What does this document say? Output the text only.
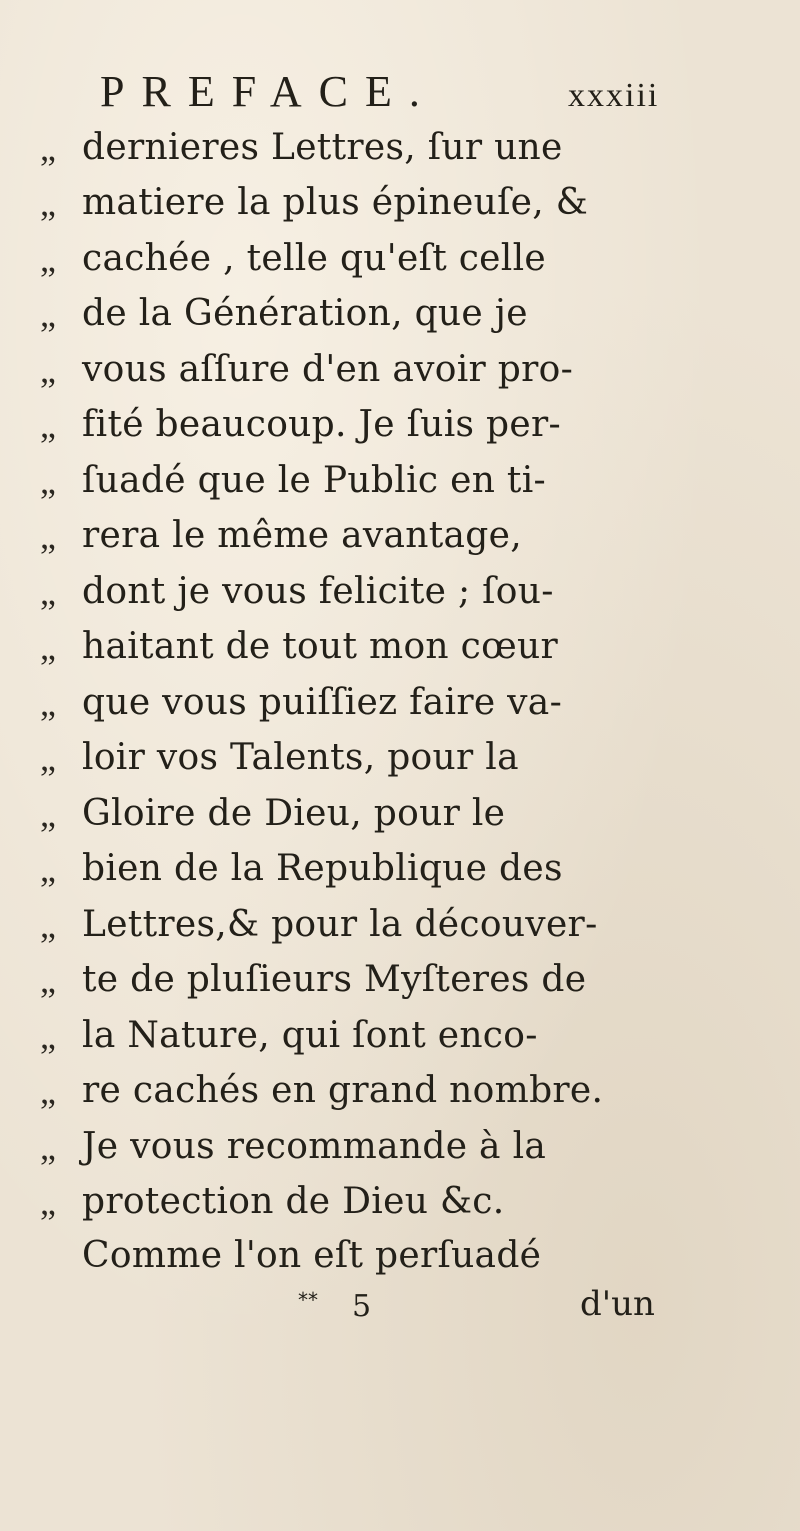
PREFACE.	xxxiii
„ dernieres Lettres, ſur une
„ matiere la plus épineuſe, &
„ cachée , telle qu'eſt celle
„ de la Génération, que je
„ vous aſſure d'en avoir pro-
„ fité beaucoup. Je ſuis per-
„ ſuadé que le Public en ti-
„ rera le même avantage,
„ dont je vous felicite ; ſou-
„ haitant de tout mon cœur
„ que vous puiſſiez faire va-
„ loir vos Talents, pour la
„ Gloire de Dieu, pour le
„ bien de la Republique des
„ Lettres,& pour la découver-
„ te de pluſieurs Myſteres de
„ la Nature, qui ſont enco-
„ re cachés en grand nombre.
„ Je vous recommande à la
„ protection de Dieu &c.
Comme l'on eſt perſuadé
** 5	d'un
